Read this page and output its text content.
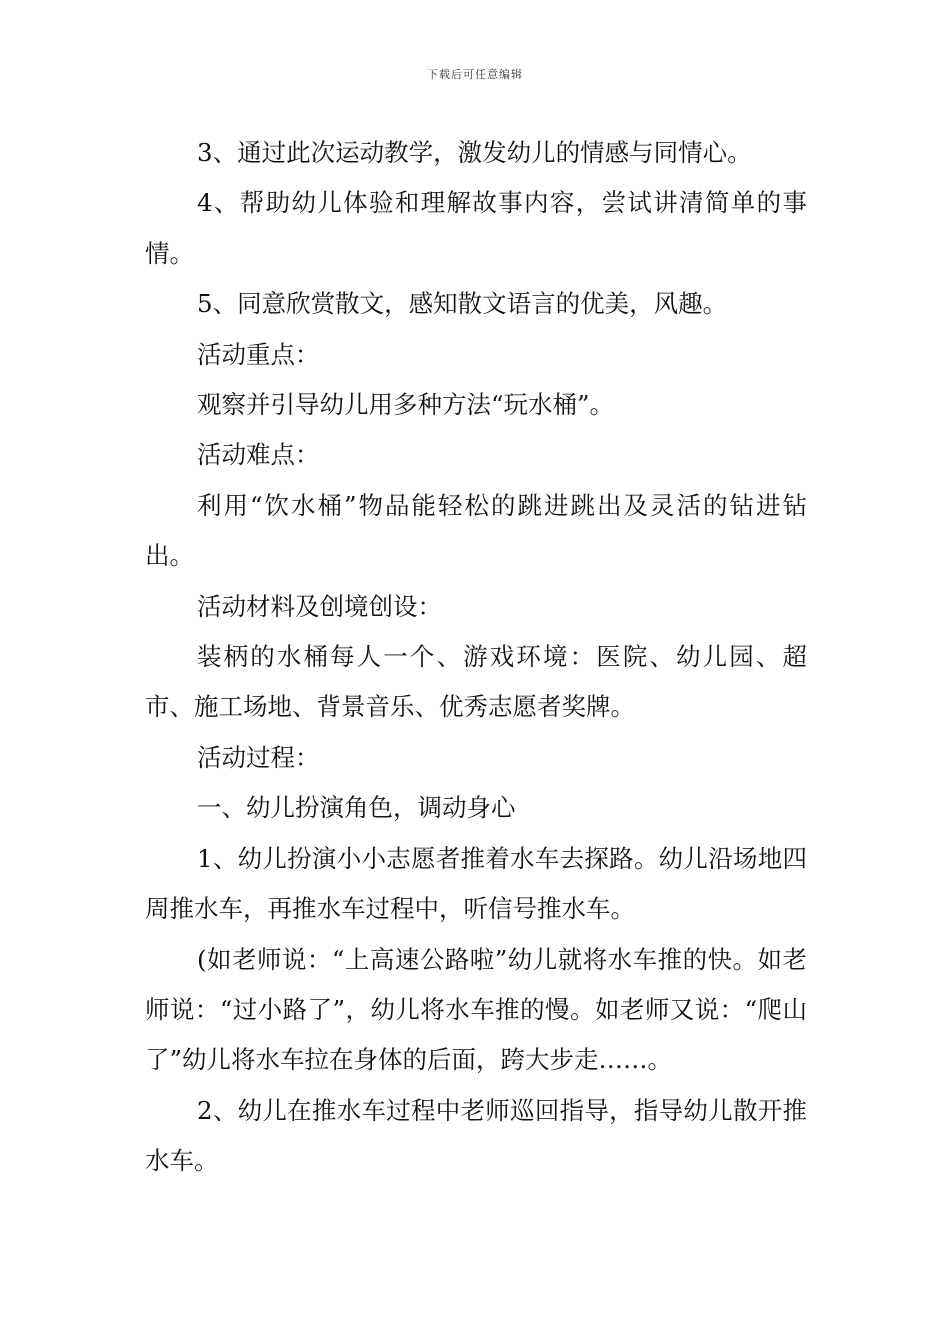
下载后可任意编辑

3、通过此次运动教学，激发幼儿的情感与同情心。

4、帮助幼儿体验和理解故事内容，尝试讲清简单的事情。

5、同意欣赏散文，感知散文语言的优美，风趣。

活动重点：

观察并引导幼儿用多种方法“玩水桶”。

活动难点：

利用“饮水桶”物品能轻松的跳进跳出及灵活的钻进钻出。

活动材料及创境创设：

装柄的水桶每人一个、游戏环境：医院、幼儿园、超市、施工场地、背景音乐、优秀志愿者奖牌。

活动过程：

一、幼儿扮演角色，调动身心

1、幼儿扮演小小志愿者推着水车去探路。幼儿沿场地四周推水车，再推水车过程中，听信号推水车。

(如老师说：“上高速公路啦”幼儿就将水车推的快。如老师说：“过小路了”，幼儿将水车推的慢。如老师又说：“爬山了”幼儿将水车拉在身体的后面，跨大步走……。

2、幼儿在推水车过程中老师巡回指导，指导幼儿散开推水车。
